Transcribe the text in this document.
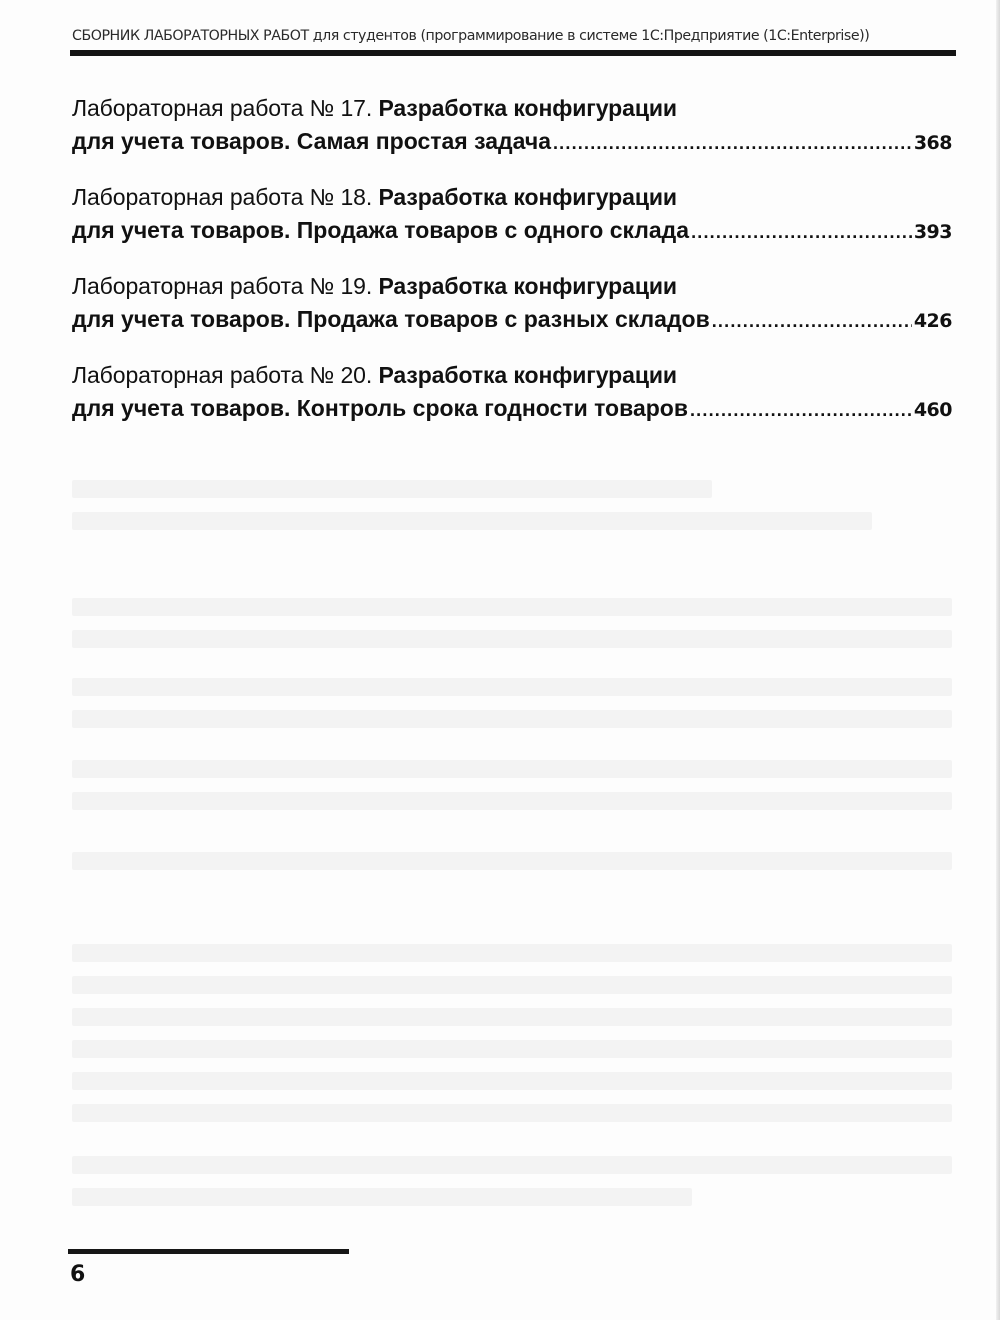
СБОРНИК ЛАБОРАТОРНЫХ РАБОТ для студентов (программирование в системе 1С:Предприятие (1С:Enterprise))
Лабораторная работа № 17. Разработка конфигурации
для учета товаров. Самая простая задача .....	368
Лабораторная работа № 18. Разработка конфигурации
для учета товаров. Продажа товаров с одного склада .....	393
Лабораторная работа № 19. Разработка конфигурации
для учета товаров. Продажа товаров с разных складов .....	426
Лабораторная работа № 20. Разработка конфигурации
для учета товаров. Контроль срока годности товаров .....	460
6
